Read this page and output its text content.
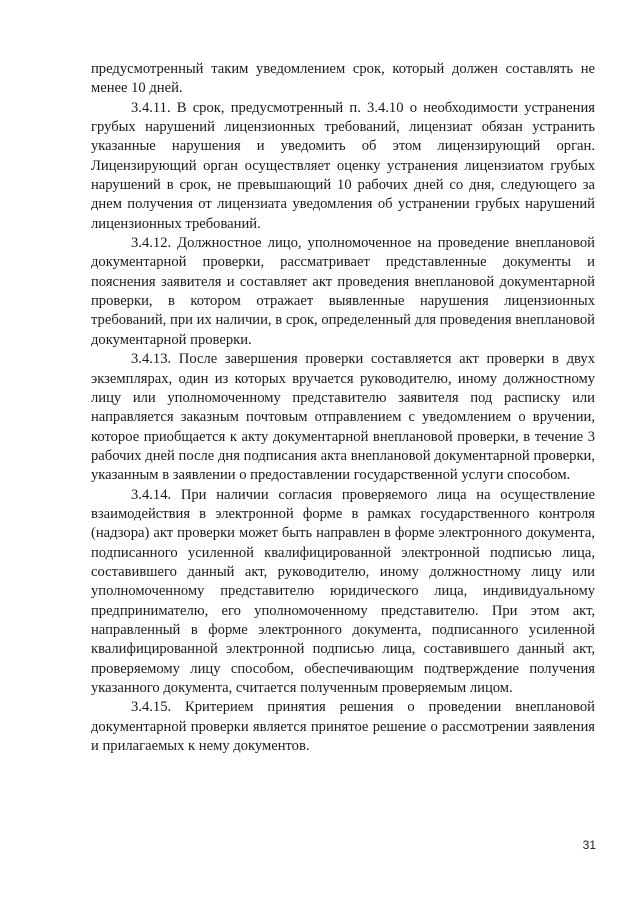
предусмотренный таким уведомлением срок, который должен составлять не менее 10 дней.

3.4.11. В срок, предусмотренный п. 3.4.10 о необходимости устранения грубых нарушений лицензионных требований, лицензиат обязан устранить указанные нарушения и уведомить об этом лицензирующий орган. Лицензирующий орган осуществляет оценку устранения лицензиатом грубых нарушений в срок, не превышающий 10 рабочих дней со дня, следующего за днем получения от лицензиата уведомления об устранении грубых нарушений лицензионных требований.

3.4.12. Должностное лицо, уполномоченное на проведение внеплановой документарной проверки, рассматривает представленные документы и пояснения заявителя и составляет акт проведения внеплановой документарной проверки, в котором отражает выявленные нарушения лицензионных требований, при их наличии, в срок, определенный для проведения внеплановой документарной проверки.

3.4.13. После завершения проверки составляется акт проверки в двух экземплярах, один из которых вручается руководителю, иному должностному лицу или уполномоченному представителю заявителя под расписку или направляется заказным почтовым отправлением с уведомлением о вручении, которое приобщается к акту документарной внеплановой проверки, в течение 3 рабочих дней после дня подписания акта внеплановой документарной проверки, указанным в заявлении о предоставлении государственной услуги способом.

3.4.14. При наличии согласия проверяемого лица на осуществление взаимодействия в электронной форме в рамках государственного контроля (надзора) акт проверки может быть направлен в форме электронного документа, подписанного усиленной квалифицированной электронной подписью лица, составившего данный акт, руководителю, иному должностному лицу или уполномоченному представителю юридического лица, индивидуальному предпринимателю, его уполномоченному представителю. При этом акт, направленный в форме электронного документа, подписанного усиленной квалифицированной электронной подписью лица, составившего данный акт, проверяемому лицу способом, обеспечивающим подтверждение получения указанного документа, считается полученным проверяемым лицом.

3.4.15. Критерием принятия решения о проведении внеплановой документарной проверки является принятое решение о рассмотрении заявления и прилагаемых к нему документов.

31
